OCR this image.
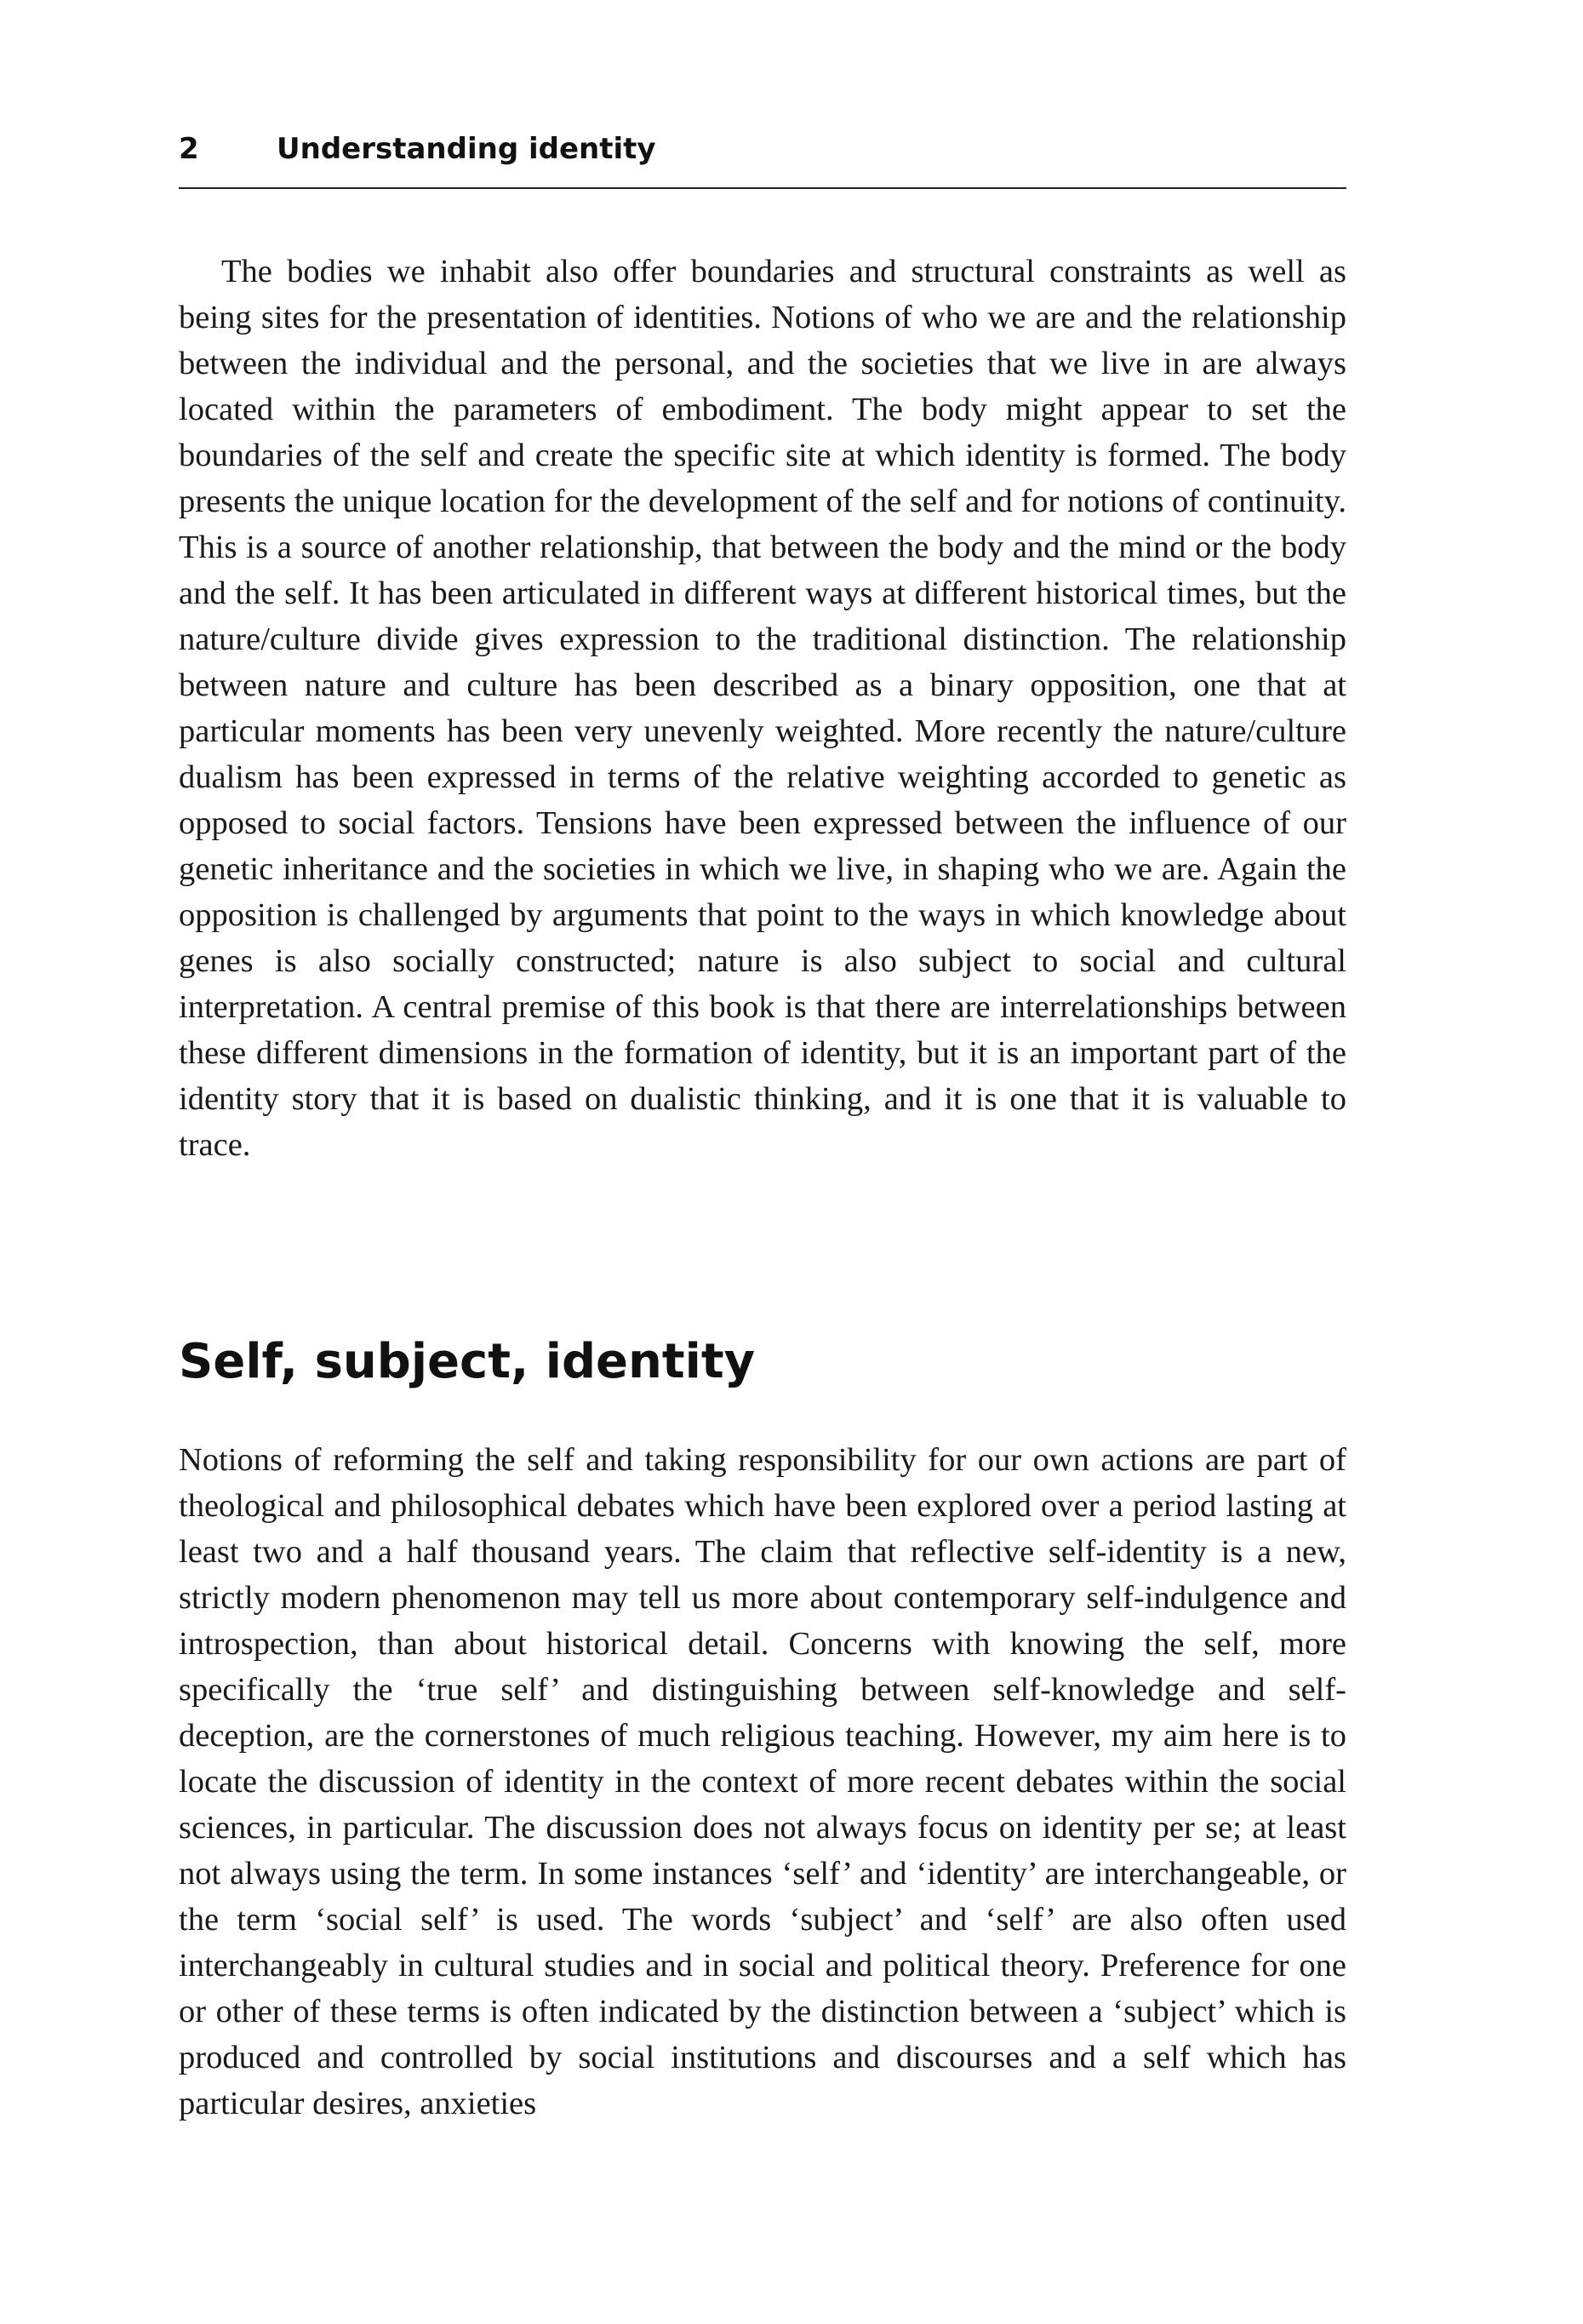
2	Understanding identity

The bodies we inhabit also offer boundaries and structural constraints as well as being sites for the presentation of identities. Notions of who we are and the relationship between the individual and the personal, and the societies that we live in are always located within the parameters of embodiment. The body might appear to set the boundaries of the self and create the specific site at which identity is formed. The body presents the unique location for the development of the self and for notions of continuity. This is a source of another relationship, that between the body and the mind or the body and the self. It has been articulated in different ways at different historical times, but the nature/culture divide gives expression to the traditional distinction. The relationship between nature and culture has been described as a binary opposition, one that at particular moments has been very unevenly weighted. More recently the nature/culture dualism has been expressed in terms of the relative weighting accorded to genetic as opposed to social factors. Tensions have been expressed between the influence of our genetic inheritance and the societies in which we live, in shaping who we are. Again the opposition is challenged by arguments that point to the ways in which knowledge about genes is also socially constructed; nature is also subject to social and cultural interpretation. A central premise of this book is that there are interrelationships between these different dimensions in the formation of identity, but it is an important part of the identity story that it is based on dualistic thinking, and it is one that it is valuable to trace.

Self, subject, identity

Notions of reforming the self and taking responsibility for our own actions are part of theological and philosophical debates which have been explored over a period lasting at least two and a half thousand years. The claim that reflective self-identity is a new, strictly modern phenomenon may tell us more about contemporary self-indulgence and introspection, than about historical detail. Concerns with knowing the self, more specifically the ‘true self’ and distinguishing between self-knowledge and self-deception, are the cornerstones of much religious teaching. However, my aim here is to locate the discussion of identity in the context of more recent debates within the social sciences, in particular. The discussion does not always focus on identity per se; at least not always using the term. In some instances ‘self’ and ‘identity’ are interchangeable, or the term ‘social self’ is used. The words ‘subject’ and ‘self’ are also often used interchangeably in cultural studies and in social and political theory. Preference for one or other of these terms is often indicated by the distinction between a ‘subject’ which is produced and controlled by social institutions and discourses and a self which has particular desires, anxieties
